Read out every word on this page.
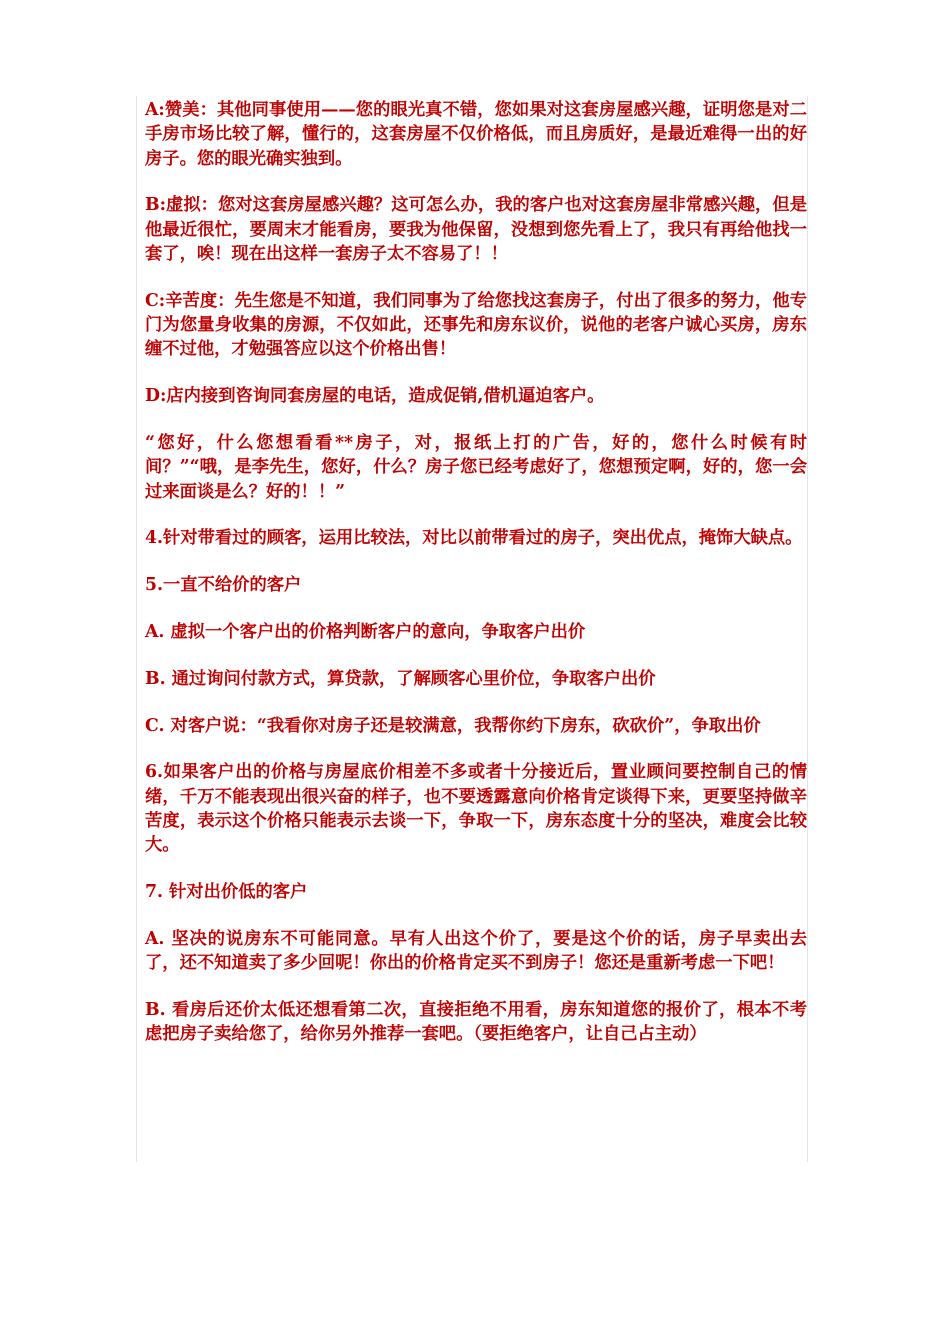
A:赞美：其他同事使用——您的眼光真不错，您如果对这套房屋感兴趣，证明您是对二手房市场比较了解，懂行的，这套房屋不仅价格低，而且房质好，是最近难得一出的好房子。您的眼光确实独到。

B:虚拟：您对这套房屋感兴趣？这可怎么办，我的客户也对这套房屋非常感兴趣，但是他最近很忙，要周末才能看房，要我为他保留，没想到您先看上了，我只有再给他找一套了，唉！现在出这样一套房子太不容易了！！

C:辛苦度：先生您是不知道，我们同事为了给您找这套房子，付出了很多的努力，他专门为您量身收集的房源，不仅如此，还事先和房东议价，说他的老客户诚心买房，房东缠不过他，才勉强答应以这个价格出售！

D:店内接到咨询同套房屋的电话，造成促销,借机逼迫客户。

“您好，什么您想看看**房子，对，报纸上打的广告，好的，您什么时候有时间？”“哦，是李先生，您好，什么？房子您已经考虑好了，您想预定啊，好的，您一会过来面谈是么？好的！！”

4.针对带看过的顾客，运用比较法，对比以前带看过的房子，突出优点，掩饰大缺点。

5.一直不给价的客户

A. 虚拟一个客户出的价格判断客户的意向，争取客户出价

B. 通过询问付款方式，算贷款，了解顾客心里价位，争取客户出价

C. 对客户说：“我看你对房子还是较满意，我帮你约下房东，砍砍价”，争取出价

6.如果客户出的价格与房屋底价相差不多或者十分接近后，置业顾问要控制自己的情绪，千万不能表现出很兴奋的样子，也不要透露意向价格肯定谈得下来，更要坚持做辛苦度，表示这个价格只能表示去谈一下，争取一下，房东态度十分的坚决，难度会比较大。

7. 针对出价低的客户

A. 坚决的说房东不可能同意。早有人出这个价了，要是这个价的话，房子早卖出去了，还不知道卖了多少回呢！你出的价格肯定买不到房子！您还是重新考虑一下吧！

B. 看房后还价太低还想看第二次，直接拒绝不用看，房东知道您的报价了，根本不考虑把房子卖给您了，给你另外推荐一套吧。（要拒绝客户，让自己占主动）
